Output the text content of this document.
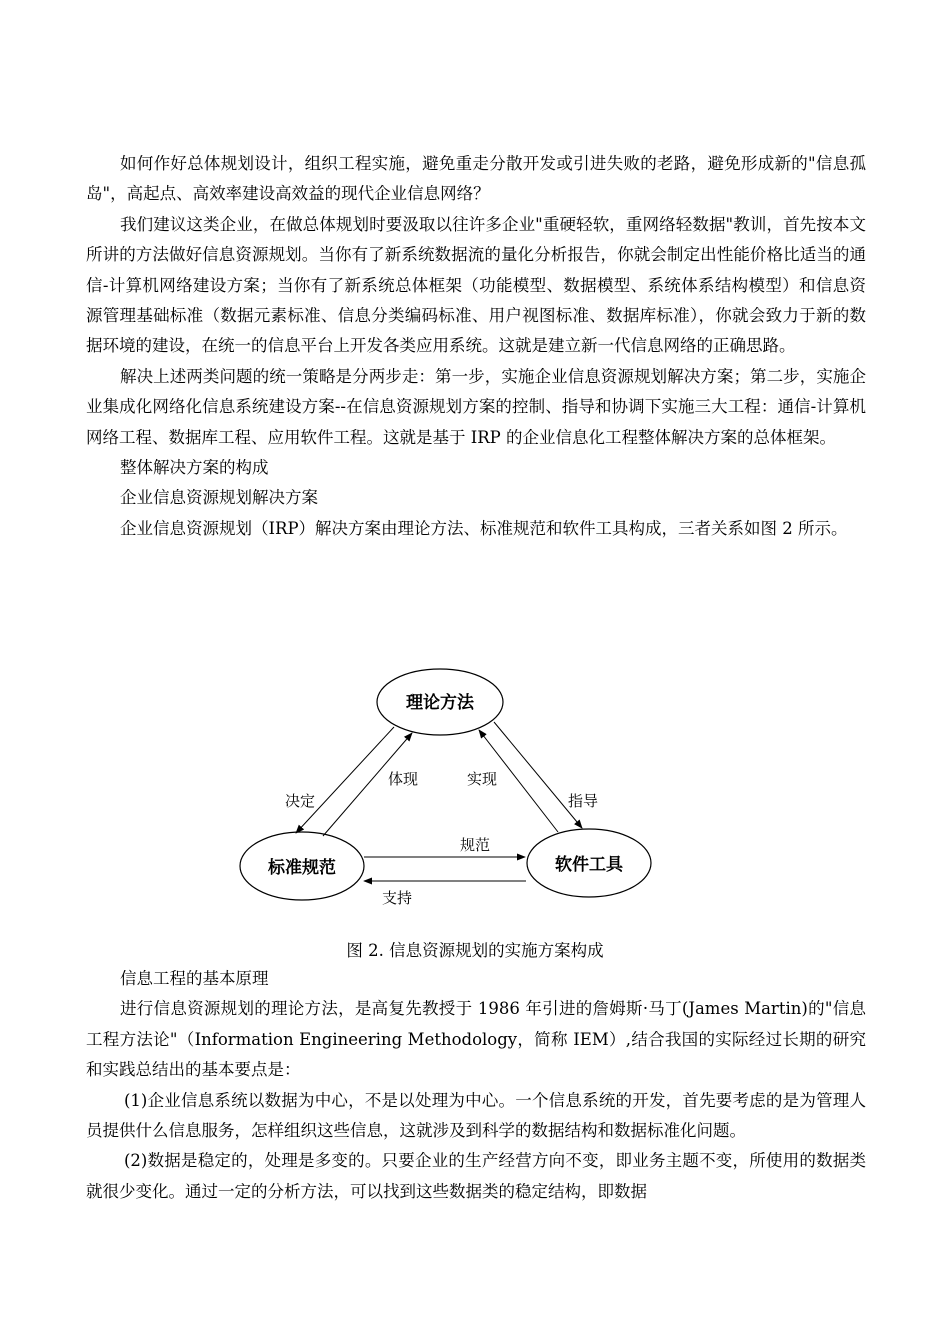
如何作好总体规划设计，组织工程实施，避免重走分散开发或引进失败的老路，避免形成新的"信息孤岛"，高起点、高效率建设高效益的现代企业信息网络？

我们建议这类企业，在做总体规划时要汲取以往许多企业"重硬轻软，重网络轻数据"教训，首先按本文所讲的方法做好信息资源规划。当你有了新系统数据流的量化分析报告，你就会制定出性能价格比适当的通信-计算机网络建设方案；当你有了新系统总体框架（功能模型、数据模型、系统体系结构模型）和信息资源管理基础标准（数据元素标准、信息分类编码标准、用户视图标准、数据库标准），你就会致力于新的数据环境的建设，在统一的信息平台上开发各类应用系统。这就是建立新一代信息网络的正确思路。

解决上述两类问题的统一策略是分两步走：第一步，实施企业信息资源规划解决方案；第二步，实施企业集成化网络化信息系统建设方案--在信息资源规划方案的控制、指导和协调下实施三大工程：通信-计算机网络工程、数据库工程、应用软件工程。这就是基于 IRP 的企业信息化工程整体解决方案的总体框架。

整体解决方案的构成

企业信息资源规划解决方案

企业信息资源规划（IRP）解决方案由理论方法、标准规范和软件工具构成，三者关系如图 2 所示。

理论方法
标准规范	软件工具
决定
体现	实现
指导
规范
支持
图 2. 信息资源规划的实施方案构成

信息工程的基本原理

进行信息资源规划的理论方法，是高复先教授于 1986 年引进的詹姆斯·马丁(James Martin)的"信息工程方法论"（Information Engineering Methodology，简称 IEM）,结合我国的实际经过长期的研究和实践总结出的基本要点是：

(1)企业信息系统以数据为中心，不是以处理为中心。一个信息系统的开发，首先要考虑的是为管理人员提供什么信息服务，怎样组织这些信息，这就涉及到科学的数据结构和数据标准化问题。

(2)数据是稳定的，处理是多变的。只要企业的生产经营方向不变，即业务主题不变，所使用的数据类就很少变化。通过一定的分析方法，可以找到这些数据类的稳定结构，即数据
